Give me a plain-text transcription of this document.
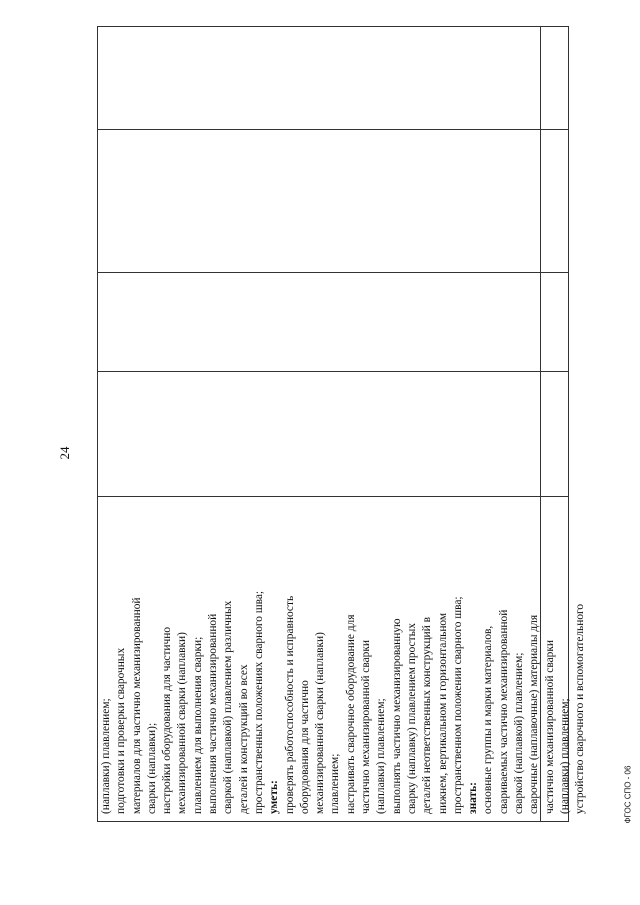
24
ФГОС СПО - 06
(наплавки) плавлением; подготовки и проверки сварочных материалов для частично механизированной сварки (наплавки); настройки оборудования для частично механизированной сварки (наплавки) плавлением для выполнения сварки; выполнения частично механизированной сваркой (наплавкой) плавлением различных деталей и конструкций во всех пространственных положениях сварного шва; уметь: проверять работоспособность и исправность оборудования для частично механизированной сварки (наплавки) плавлением; настраивать сварочное оборудование для частично механизированной сварки (наплавки) плавлением; выполнять частично механизированную сварку (наплавку) плавлением простых деталей неответственных конструкций в нижнем, вертикальном и горизонтальном пространственном положении сварного шва; знать: основные группы и марки материалов, свариваемых частично механизированной сваркой (наплавкой) плавлением; сварочные (наплавочные) материалы для частично механизированной сварки (наплавки) плавлением; устройство сварочного и вспомогательного
